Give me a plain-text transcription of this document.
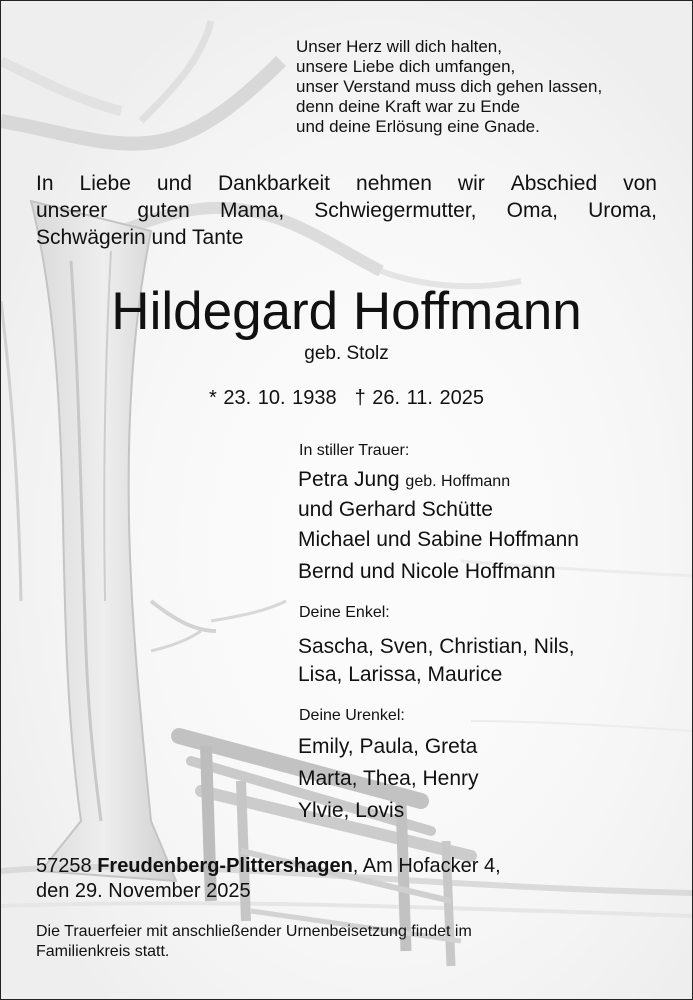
Unser Herz will dich halten,
unsere Liebe dich umfangen,
unser Verstand muss dich gehen lassen,
denn deine Kraft war zu Ende
und deine Erlösung eine Gnade.
In Liebe und Dankbarkeit nehmen wir Abschied von
unserer guten Mama, Schwiegermutter, Oma, Uroma,
Schwägerin und Tante
Hildegard Hoffmann
geb. Stolz
* 23. 10. 1938 † 26. 11. 2025
In stiller Trauer:
Petra Jung geb. Hoffmann
und Gerhard Schütte
Michael und Sabine Hoffmann
Bernd und Nicole Hoffmann
Deine Enkel:
Sascha, Sven, Christian, Nils,
Lisa, Larissa, Maurice
Deine Urenkel:
Emily, Paula, Greta
Marta, Thea, Henry
Ylvie, Lovis
57258 Freudenberg-Plittershagen, Am Hofacker 4,
den 29. November 2025
Die Trauerfeier mit anschließender Urnenbeisetzung findet im
Familienkreis statt.
